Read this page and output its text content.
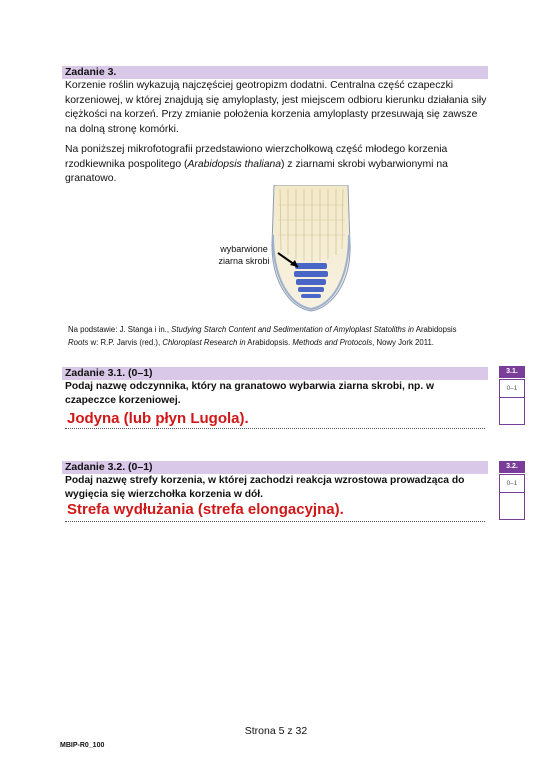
Zadanie 3.
Korzenie roślin wykazują najczęściej geotropizm dodatni. Centralna część czapeczki korzeniowej, w której znajdują się amyloplasty, jest miejscem odbioru kierunku działania siły ciężkości na korzeń. Przy zmianie położenia korzenia amyloplasty przesuwają się zawsze na dolną stronę komórki.
Na poniższej mikrofotografii przedstawiono wierzchołkową część młodego korzenia rzodkiewnika pospolitego (Arabidopsis thaliana) z ziarnami skrobi wybarwionymi na granatowo.
wybarwione
ziarna skrobi
Na podstawie: J. Stanga i in., Studying Starch Content and Sedimentation of Amyloplast Statoliths in Arabidopsis
Roots w: R.P. Jarvis (red.), Chloroplast Research in Arabidopsis. Methods and Protocols, Nowy Jork 2011.
Zadanie 3.1. (0–1)
Podaj nazwę odczynnika, który na granatowo wybarwia ziarna skrobi, np. w czapeczce korzeniowej.
Jodyna (lub płyn Lugola).
3.1.
0–1
Zadanie 3.2. (0–1)
Podaj nazwę strefy korzenia, w której zachodzi reakcja wzrostowa prowadząca do wygięcia się wierzchołka korzenia w dół.
Strefa wydłużania (strefa elongacyjna).
3.2.
0–1
Strona 5 z 32
MBIP-R0_100
